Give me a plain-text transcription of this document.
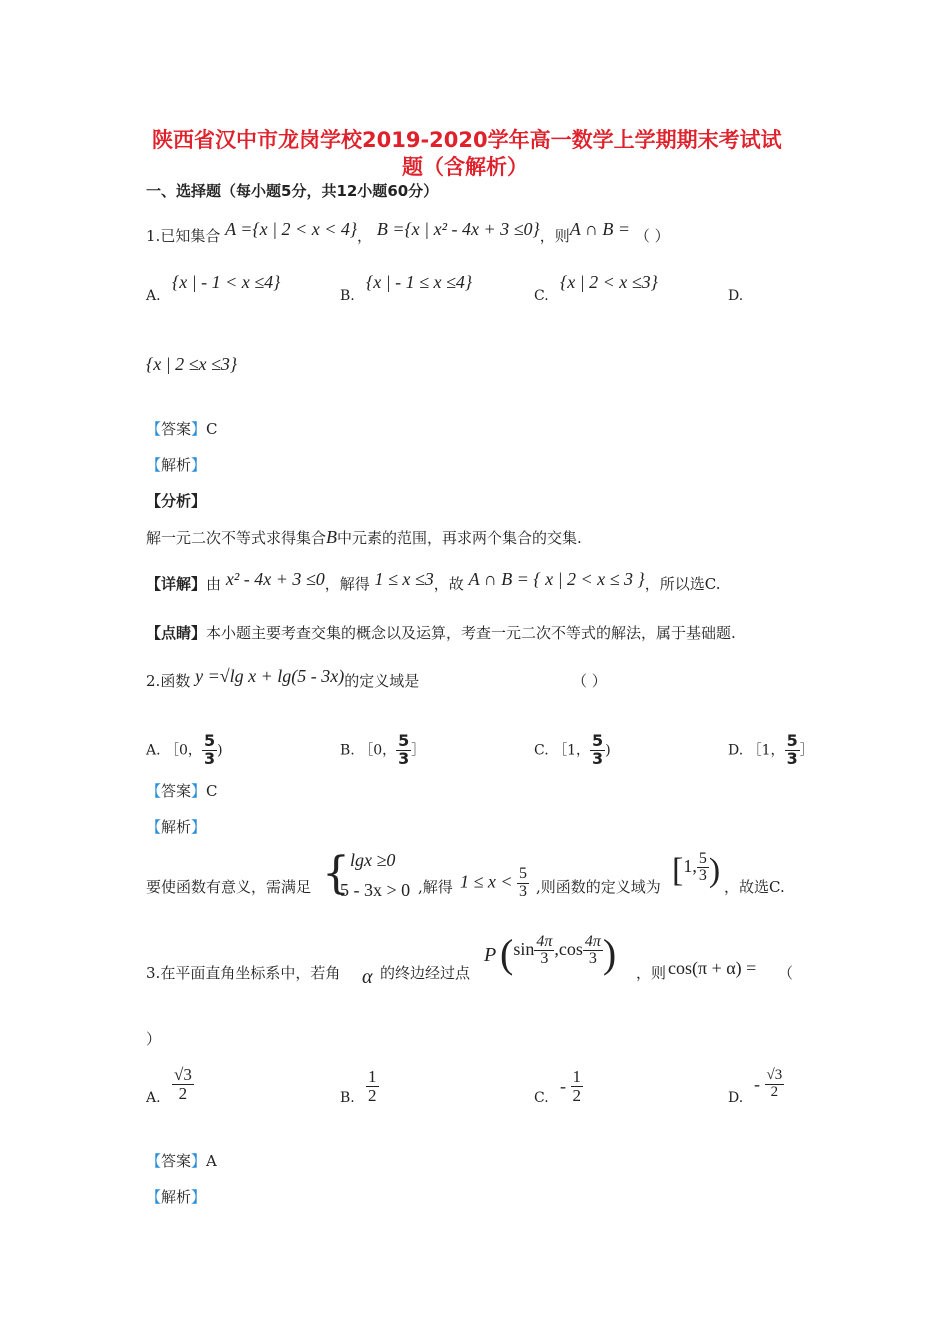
陕西省汉中市龙岗学校2019-2020学年高一数学上学期期末考试试
题（含解析）
一、选择题（每小题5分，共12小题60分）
1.已知集合 A ={x | 2 < x < 4}， B ={x | x² - 4x + 3 ≤0}，则A ∩ B = （ ）
A.
{x | - 1 < x ≤4}
B.
{x | - 1 ≤ x ≤4}
C.
{x | 2 < x ≤3}
D.
{x | 2 ≤x ≤3}
【答案】C
【解析】
【分析】
解一元二次不等式求得集合B中元素的范围，再求两个集合的交集.
【详解】由 x² - 4x + 3 ≤0，解得 1 ≤ x ≤3，故 A ∩ B = { x | 2 < x ≤ 3 }，所以选C.
【点睛】本小题主要考查交集的概念以及运算，考查一元二次不等式的解法，属于基础题.
2.函数 y =√lg x + lg(5 - 3x)的定义域是	（ ）
A. ［0， $\frac{5}{3}$ )	B. ［0， $\frac{5}{3}$ ］	C. ［1， $\frac{5}{3}$ )	D. ［1， $\frac{5}{3}$ ］
【答案】C
【解析】
要使函数有意义，需满足 { lgx ≥0
5 - 3x > 0 ,解得 $1 \le x < \frac{5}{3}$ ,则函数的定义域为 [1, $\frac{5}{3}$ ) ，故选C.
3.在平面直角坐标系中，若角 α 的终边经过点
P ($\sin \frac{4\pi}{3} ,\cos \frac{4\pi}{3}$ ) ，则 cos(π + α) = （
）
A. $\frac{√3}{2}$	B. $\frac{1}{2}$	C.
- $\frac{1}{2}$	D.
- $\frac{√3}{2}$
【答案】A
【解析】
